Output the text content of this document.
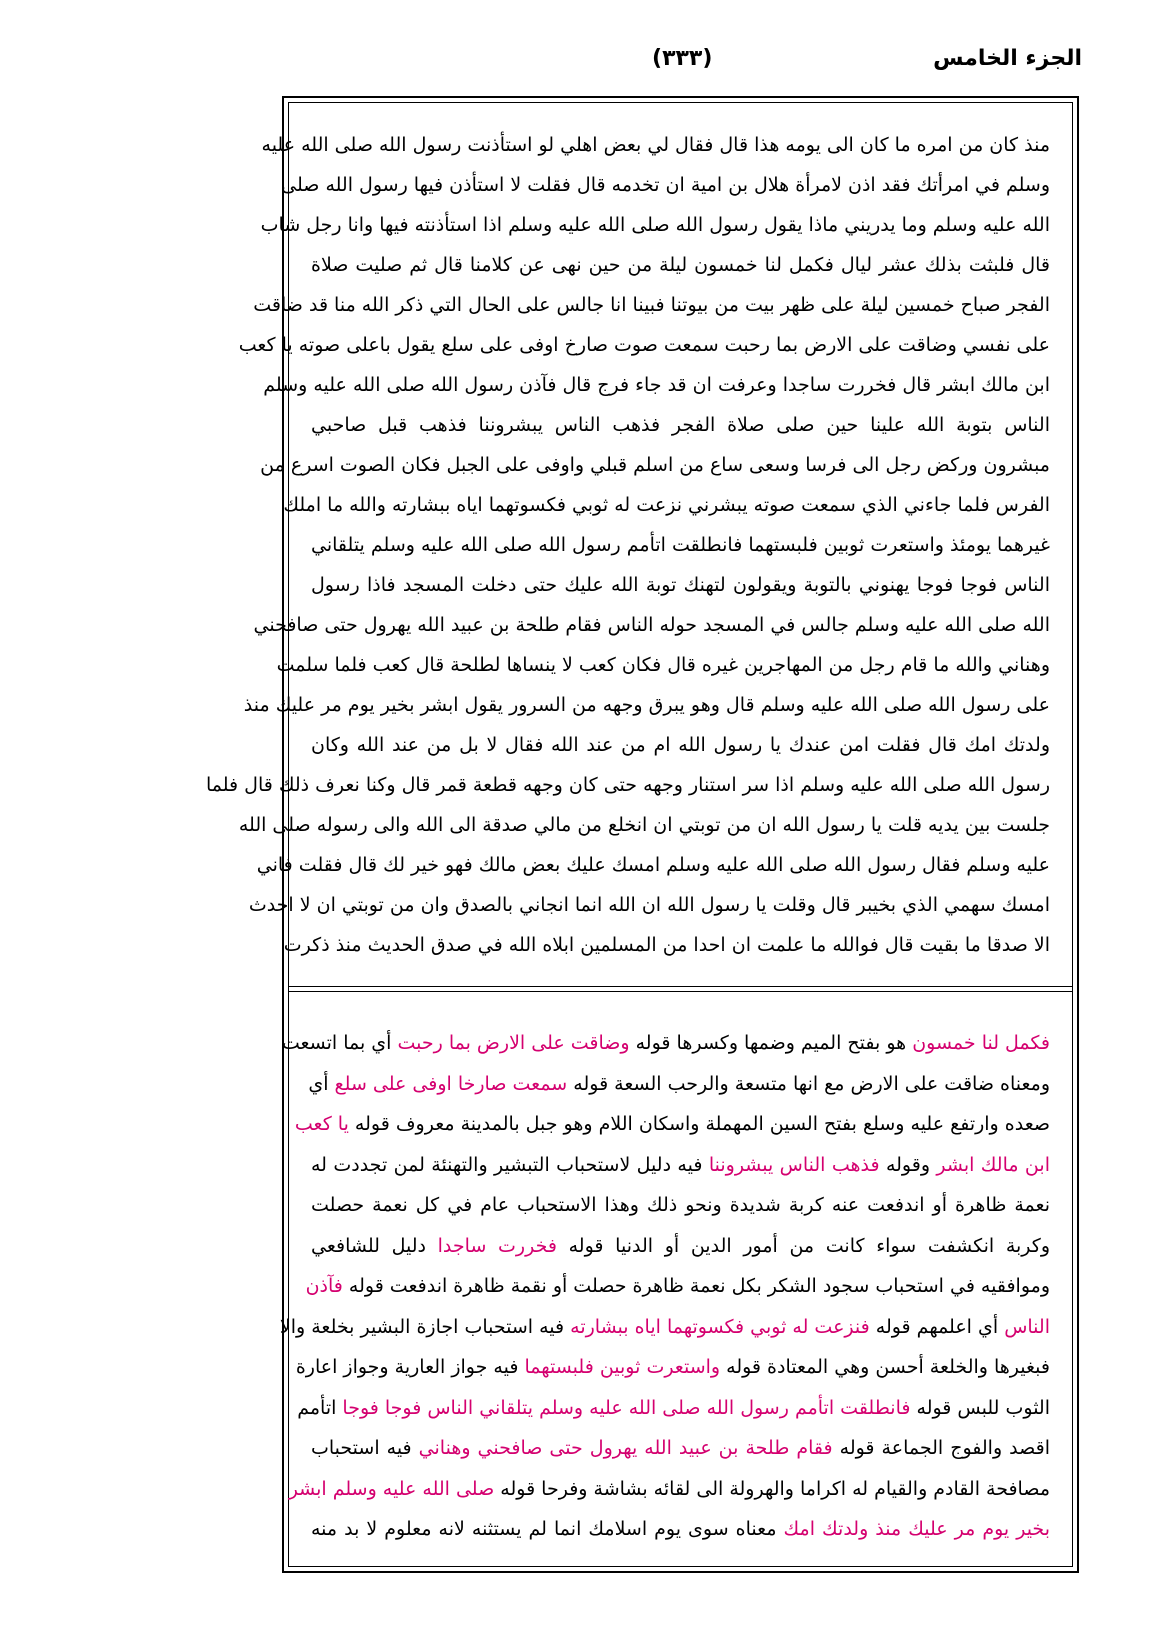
(٣٣٣)	الجزء الخامس
منذ كان من امره ما كان الى يومه هذا قال فقال لي بعض اهلي لو استأذنت رسول الله صلى الله عليه
وسلم في امرأتك فقد اذن لامرأة هلال بن امية ان تخدمه قال فقلت لا استأذن فيها رسول الله صلى
الله عليه وسلم وما يدريني ماذا يقول رسول الله صلى الله عليه وسلم اذا استأذنته فيها وانا رجل شاب
قال فلبثت بذلك عشر ليال فكمل لنا خمسون ليلة من حين نهى عن كلامنا قال ثم صليت صلاة
الفجر صباح خمسين ليلة على ظهر بيت من بيوتنا فبينا انا جالس على الحال التي ذكر الله منا قد ضاقت
على نفسي وضاقت على الارض بما رحبت سمعت صوت صارخ اوفى على سلع يقول باعلى صوته يا كعب
ابن مالك ابشر قال فخررت ساجدا وعرفت ان قد جاء فرج قال فآذن رسول الله صلى الله عليه وسلم
الناس بتوبة الله علينا حين صلى صلاة الفجر فذهب الناس يبشروننا فذهب قبل صاحبي
مبشرون وركض رجل الى فرسا وسعى ساع من اسلم قبلي واوفى على الجبل فكان الصوت اسرع من
الفرس فلما جاءني الذي سمعت صوته يبشرني نزعت له ثوبي فكسوتهما اياه ببشارته والله ما املك
غيرهما يومئذ واستعرت ثوبين فلبستهما فانطلقت اتأمم رسول الله صلى الله عليه وسلم يتلقاني
الناس فوجا فوجا يهنوني بالتوبة ويقولون لتهنك توبة الله عليك حتى دخلت المسجد فاذا رسول
الله صلى الله عليه وسلم جالس في المسجد حوله الناس فقام طلحة بن عبيد الله يهرول حتى صافحني
وهناني والله ما قام رجل من المهاجرين غيره قال فكان كعب لا ينساها لطلحة قال كعب فلما سلمت
على رسول الله صلى الله عليه وسلم قال وهو يبرق وجهه من السرور يقول ابشر بخير يوم مر عليك منذ
ولدتك امك قال فقلت امن عندك يا رسول الله ام من عند الله فقال لا بل من عند الله وكان
رسول الله صلى الله عليه وسلم اذا سر استنار وجهه حتى كان وجهه قطعة قمر قال وكنا نعرف ذلك قال فلما
جلست بين يديه قلت يا رسول الله ان من توبتي ان انخلع من مالي صدقة الى الله والى رسوله صلى الله
عليه وسلم فقال رسول الله صلى الله عليه وسلم امسك عليك بعض مالك فهو خير لك قال فقلت فاني
امسك سهمي الذي بخيبر قال وقلت يا رسول الله ان الله انما انجاني بالصدق وان من توبتي ان لا احدث
الا صدقا ما بقيت قال فوالله ما علمت ان احدا من المسلمين ابلاه الله في صدق الحديث منذ ذكرت
فكمل لنا خمسون هو بفتح الميم وضمها وكسرها قوله وضاقت على الارض بما رحبت أي بما اتسعت
ومعناه ضاقت على الارض مع انها متسعة والرحب السعة قوله سمعت صارخا اوفى على سلع أي
صعده وارتفع عليه وسلع بفتح السين المهملة واسكان اللام وهو جبل بالمدينة معروف قوله يا كعب
ابن مالك ابشر وقوله فذهب الناس يبشروننا فيه دليل لاستحباب التبشير والتهنئة لمن تجددت له
نعمة ظاهرة أو اندفعت عنه كربة شديدة ونحو ذلك وهذا الاستحباب عام في كل نعمة حصلت
وكربة انكشفت سواء كانت من أمور الدين أو الدنيا قوله فخررت ساجدا دليل للشافعي
وموافقيه في استحباب سجود الشكر بكل نعمة ظاهرة حصلت أو نقمة ظاهرة اندفعت قوله فآذن
الناس أي اعلمهم قوله فنزعت له ثوبي فكسوتهما اياه ببشارته فيه استحباب اجازة البشير بخلعة والا
فبغيرها والخلعة أحسن وهي المعتادة قوله واستعرت ثوبين فلبستهما فيه جواز العارية وجواز اعارة
الثوب للبس قوله فانطلقت اتأمم رسول الله صلى الله عليه وسلم يتلقاني الناس فوجا فوجا اتأمم
اقصد والفوج الجماعة قوله فقام طلحة بن عبيد الله يهرول حتى صافحني وهناني فيه استحباب
مصافحة القادم والقيام له اكراما والهرولة الى لقائه بشاشة وفرحا قوله صلى الله عليه وسلم ابشر
بخير يوم مر عليك منذ ولدتك امك معناه سوى يوم اسلامك انما لم يستثنه لانه معلوم لا بد منه
